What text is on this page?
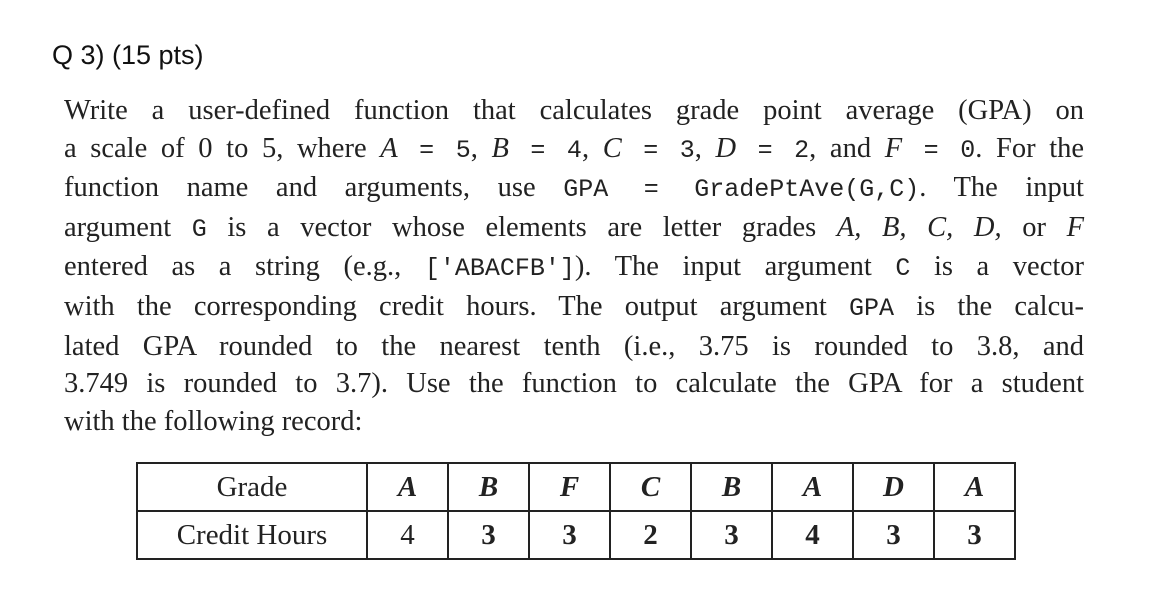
Q 3) (15 pts)
Write a user-defined function that calculates grade point average (GPA) on
a scale of 0 to 5, where A = 5, B = 4, C = 3, D = 2, and F = 0. For the
function name and arguments, use GPA = GradePtAve(G,C). The input
argument G is a vector whose elements are letter grades A, B, C, D, or F
entered as a string (e.g., ['ABACFB']). The input argument C is a vector
with the corresponding credit hours. The output argument GPA is the calcu-
lated GPA rounded to the nearest tenth (i.e., 3.75 is rounded to 3.8, and
3.749 is rounded to 3.7). Use the function to calculate the GPA for a student
with the following record:
Grade	A	B	F	C	B	A	D	A
Credit Hours	4	3	3	2	3	4	3	3
